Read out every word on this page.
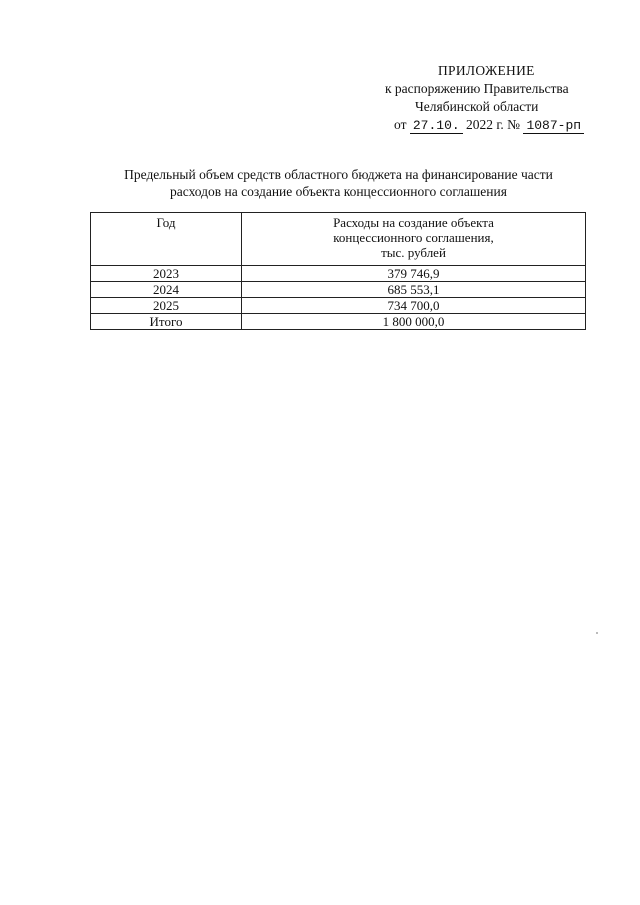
ПРИЛОЖЕНИЕ
к распоряжению Правительства
Челябинской области
от 27.10. 2022 г. № 1087-рп
Предельный объем средств областного бюджета на финансирование части
расходов на создание объекта концессионного соглашения
Год	Расходы на создание объекта
концессионного соглашения,
тыс. рублей

2023	379 746,9
2024	685 553,1
2025	734 700,0
Итого	1 800 000,0
